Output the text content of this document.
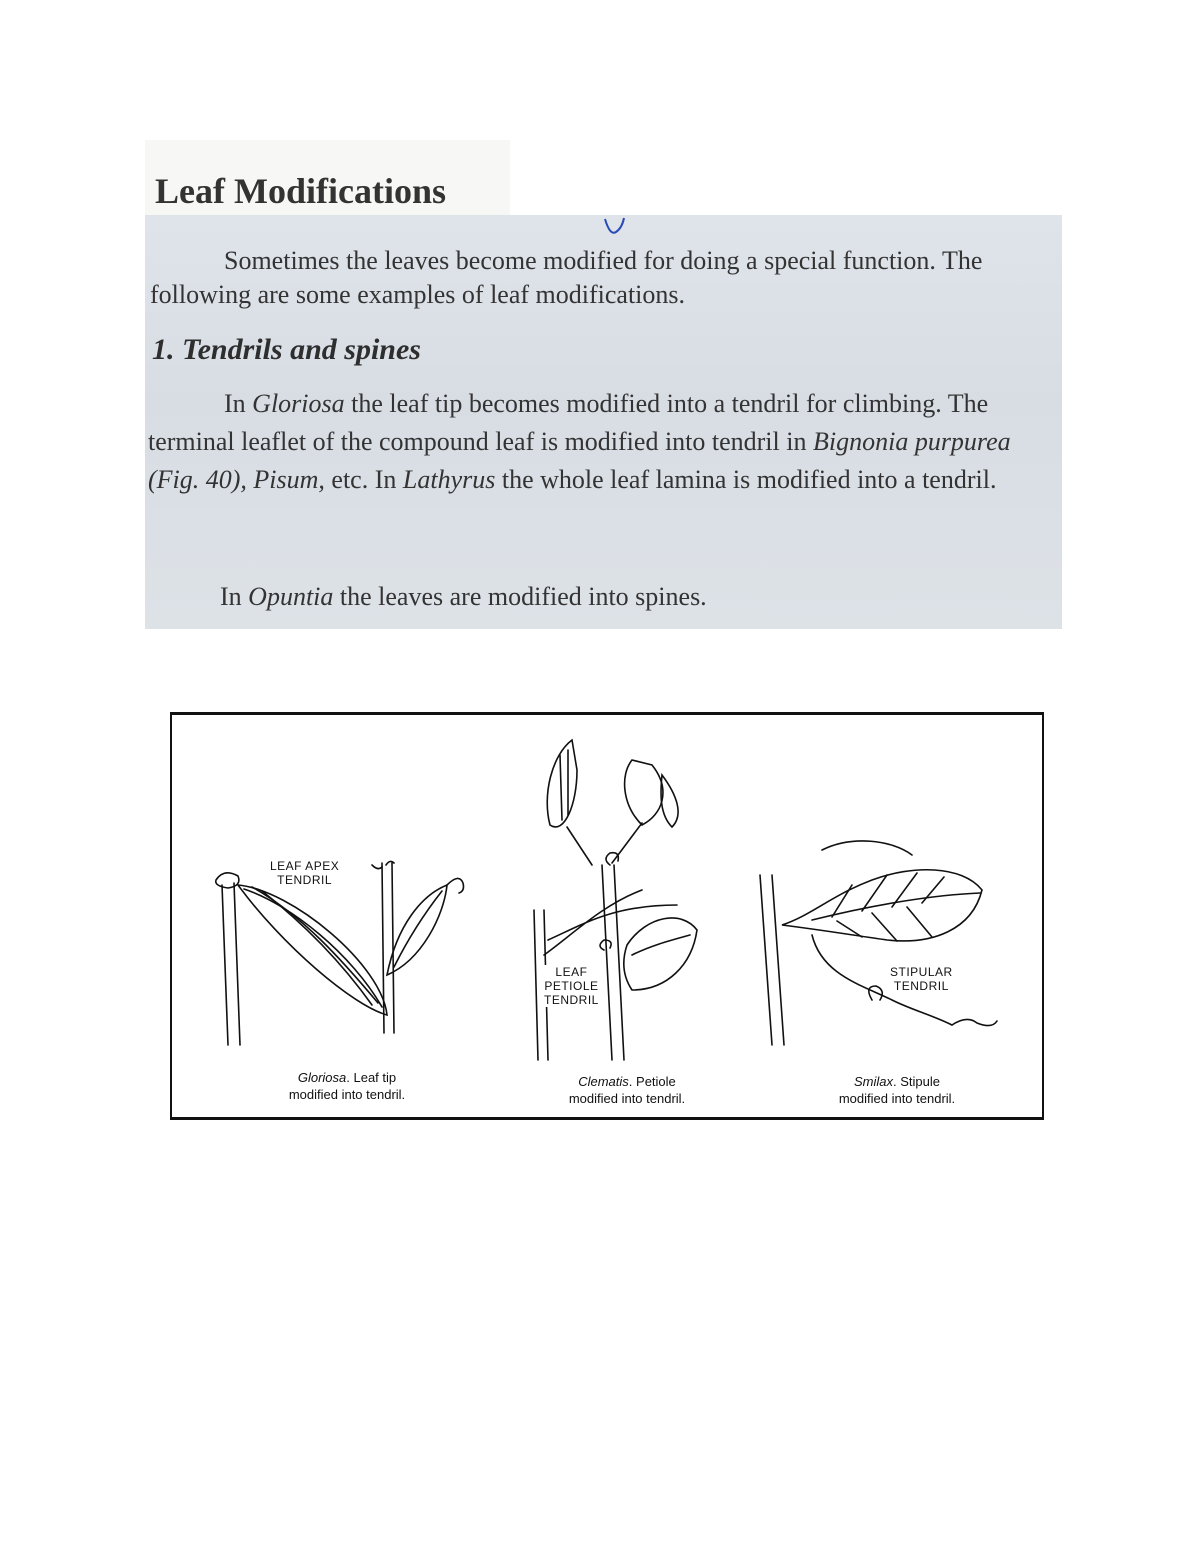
Leaf Modifications

Sometimes the leaves become modified for doing a special function. The following are some examples of leaf modifications.

1. Tendrils and spines

In Gloriosa the leaf tip becomes modified into a tendril for climbing. The terminal leaflet of the compound leaf is modified into tendril in Bignonia purpurea (Fig. 40), Pisum, etc. In Lathyrus the whole leaf lamina is modified into a tendril.

In Opuntia the leaves are modified into spines.

LEAF APEX
TENDRIL
LEAF
PETIOLE
TENDRIL
STIPULAR
TENDRIL
Gloriosa. Leaf tip
modified into tendril.
Clematis. Petiole
modified into tendril.
Smilax. Stipule
modified into tendril.
